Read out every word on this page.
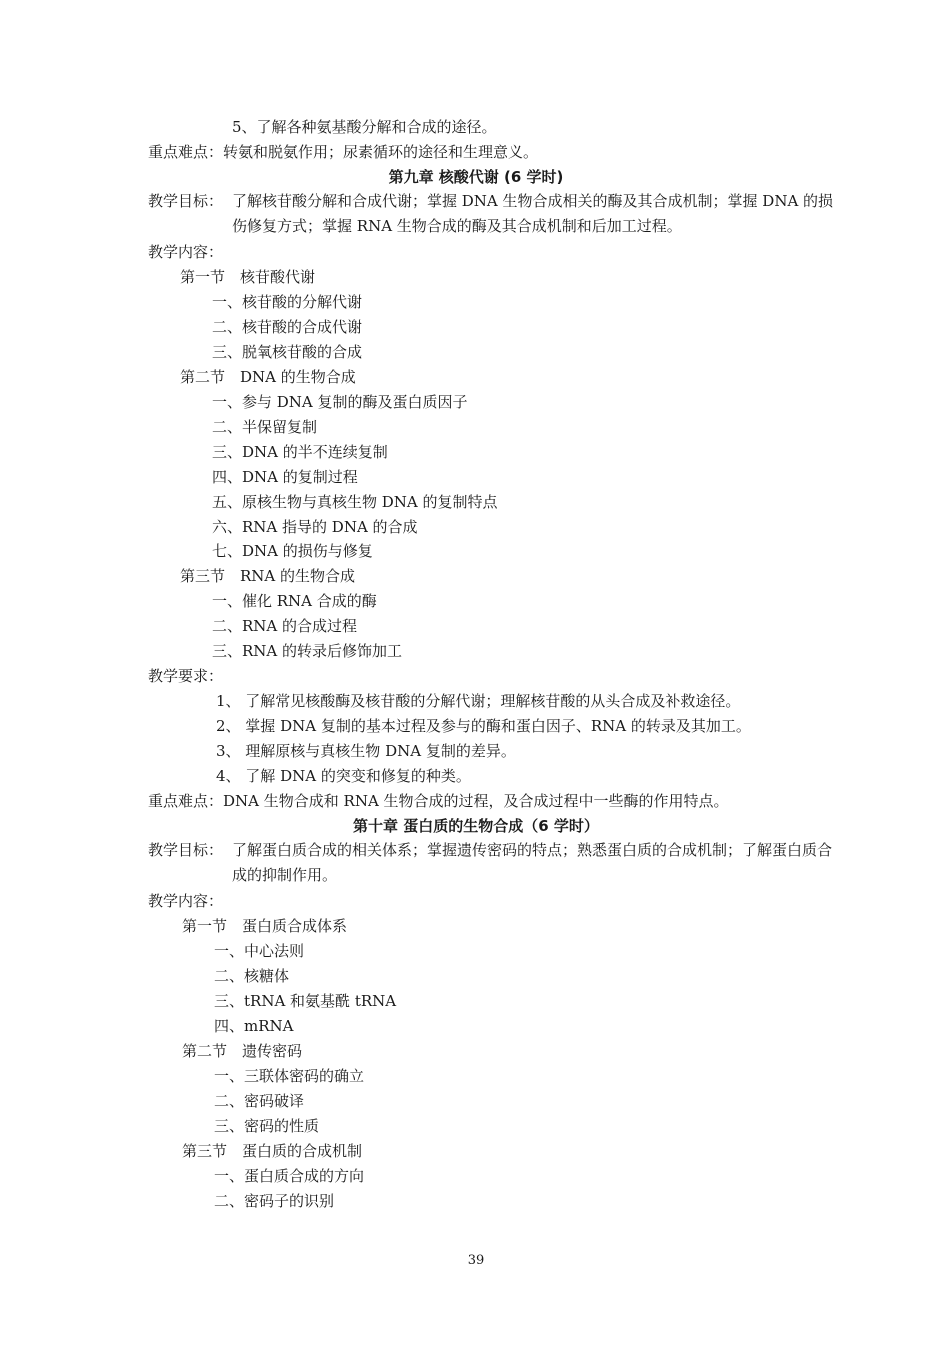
5、了解各种氨基酸分解和合成的途径。
重点难点：转氨和脱氨作用；尿素循环的途径和生理意义。
第九章 核酸代谢 (6 学时)
教学目标： 了解核苷酸分解和合成代谢；掌握 DNA 生物合成相关的酶及其合成机制；掌握 DNA 的损伤修复方式；掌握 RNA 生物合成的酶及其合成机制和后加工过程。
教学内容：
第一节　核苷酸代谢
一、核苷酸的分解代谢
二、核苷酸的合成代谢
三、脱氧核苷酸的合成
第二节　DNA 的生物合成
一、参与 DNA 复制的酶及蛋白质因子
二、半保留复制
三、DNA 的半不连续复制
四、DNA 的复制过程
五、原核生物与真核生物 DNA 的复制特点
六、RNA 指导的 DNA 的合成
七、DNA 的损伤与修复
第三节　RNA 的生物合成
一、催化 RNA 合成的酶
二、RNA 的合成过程
三、RNA 的转录后修饰加工
教学要求：
1、 了解常见核酸酶及核苷酸的分解代谢；理解核苷酸的从头合成及补救途径。
2、 掌握 DNA 复制的基本过程及参与的酶和蛋白因子、RNA 的转录及其加工。
3、 理解原核与真核生物 DNA 复制的差异。
4、 了解 DNA 的突变和修复的种类。
重点难点：DNA 生物合成和 RNA 生物合成的过程，及合成过程中一些酶的作用特点。
第十章 蛋白质的生物合成（6 学时）
教学目标： 了解蛋白质合成的相关体系；掌握遗传密码的特点；熟悉蛋白质的合成机制；了解蛋白质合成的抑制作用。
教学内容：
第一节　蛋白质合成体系
一、中心法则
二、核糖体
三、tRNA 和氨基酰 tRNA
四、mRNA
第二节　遗传密码
一、三联体密码的确立
二、密码破译
三、密码的性质
第三节　蛋白质的合成机制
一、蛋白质合成的方向
二、密码子的识别
39
